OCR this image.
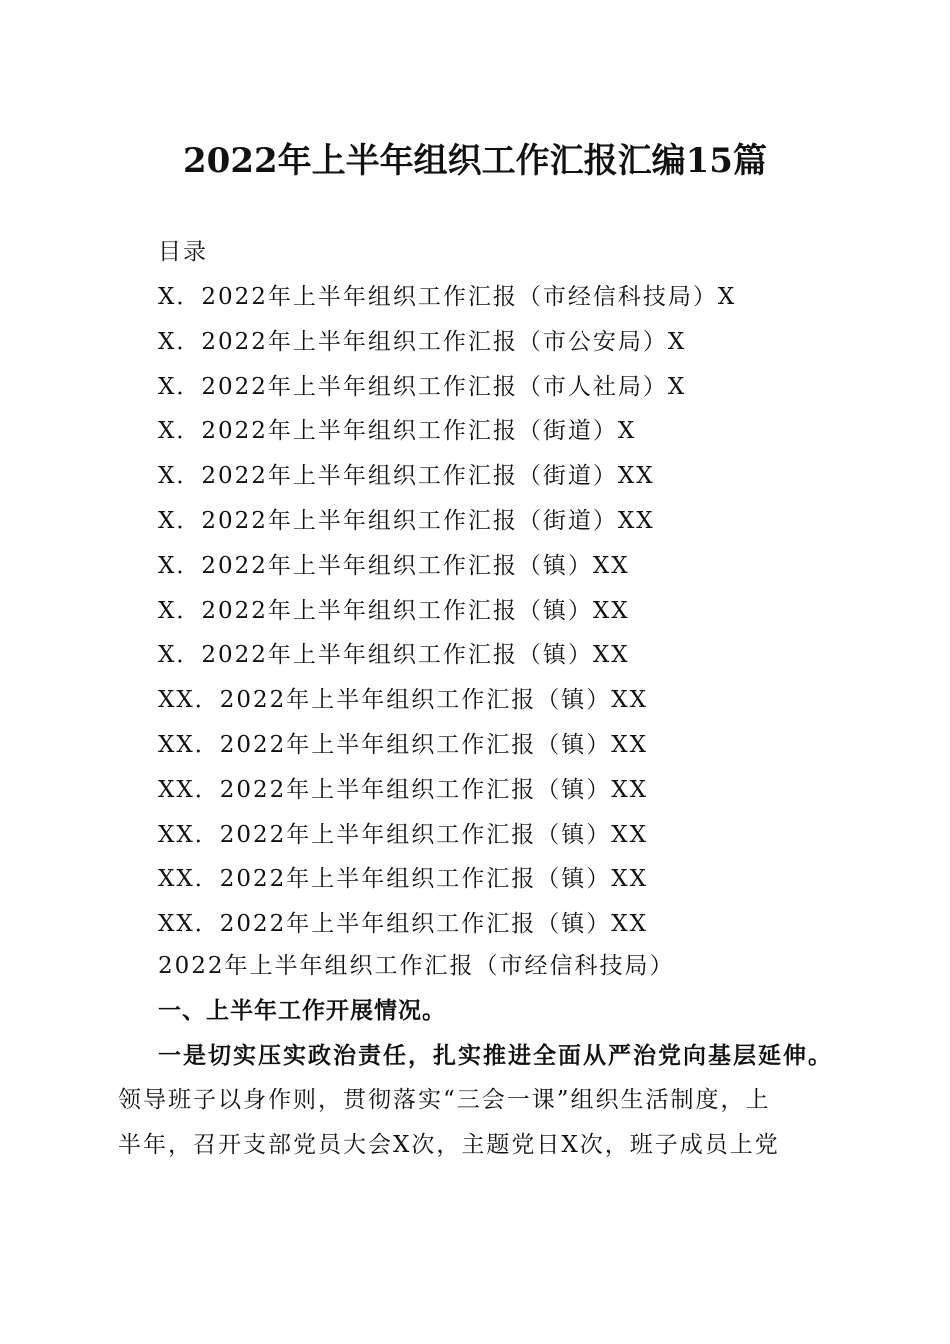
2022年上半年组织工作汇报汇编15篇
目录
X．2022年上半年组织工作汇报（市经信科技局）X
X．2022年上半年组织工作汇报（市公安局）X
X．2022年上半年组织工作汇报（市人社局）X
X．2022年上半年组织工作汇报（街道）X
X．2022年上半年组织工作汇报（街道）XX
X．2022年上半年组织工作汇报（街道）XX
X．2022年上半年组织工作汇报（镇）XX
X．2022年上半年组织工作汇报（镇）XX
X．2022年上半年组织工作汇报（镇）XX
XX．2022年上半年组织工作汇报（镇）XX
XX．2022年上半年组织工作汇报（镇）XX
XX．2022年上半年组织工作汇报（镇）XX
XX．2022年上半年组织工作汇报（镇）XX
XX．2022年上半年组织工作汇报（镇）XX
XX．2022年上半年组织工作汇报（镇）XX
2022年上半年组织工作汇报（市经信科技局）
一、上半年工作开展情况。
一是切实压实政治责任，扎实推进全面从严治党向基层延伸。
领导班子以身作则，贯彻落实“三会一课”组织生活制度，上
半年，召开支部党员大会X次，主题党日X次，班子成员上党
